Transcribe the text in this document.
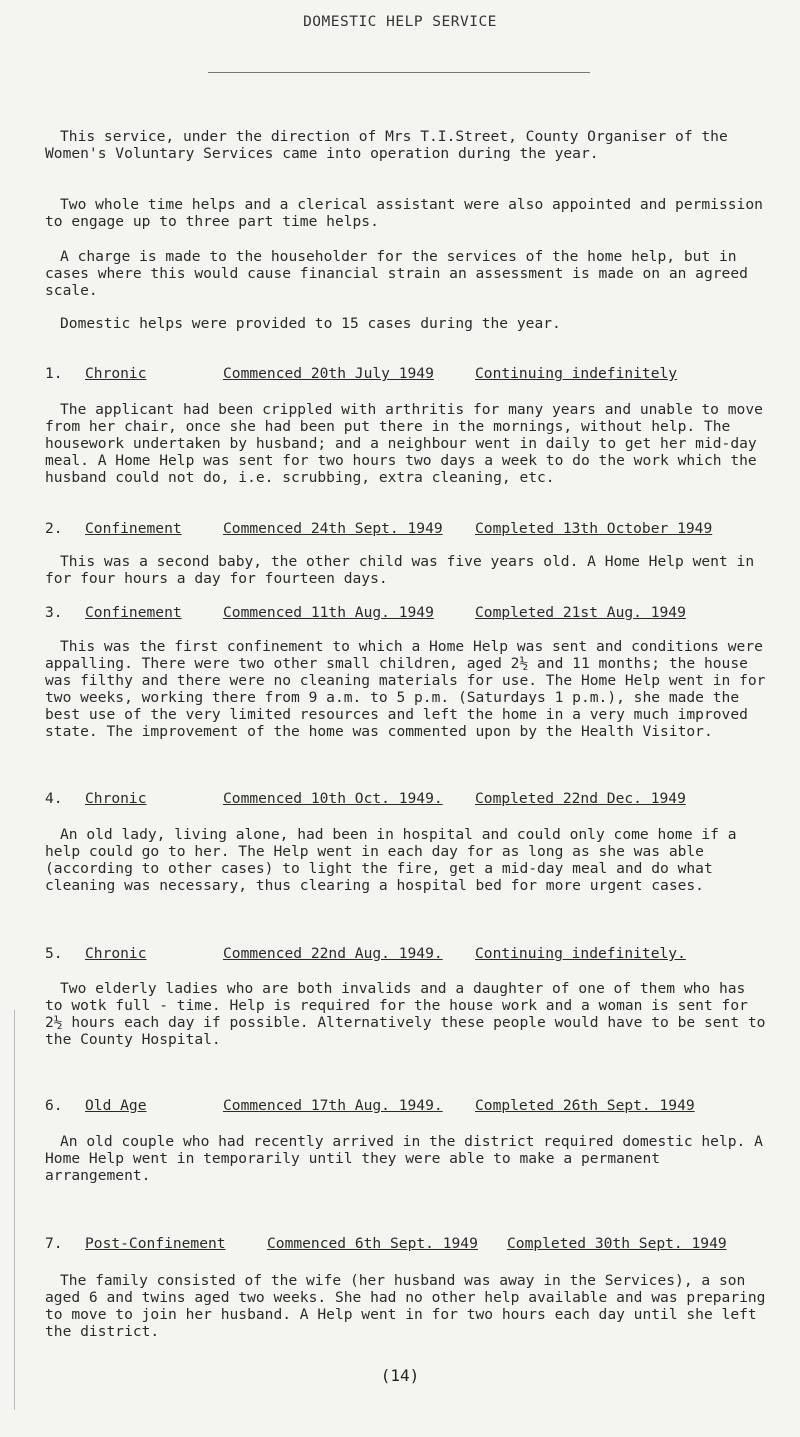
DOMESTIC HELP SERVICE

This service, under the direction of Mrs T.I.Street, County Organiser of the Women's Voluntary Services came into operation during the year.

Two whole time helps and a clerical assistant were also appointed and permission to engage up to three part time helps.

A charge is made to the householder for the services of the home help, but in cases where this would cause financial strain an assessment is made on an agreed scale.

Domestic helps were provided to 15 cases during the year.

1. Chronic	Commenced 20th July 1949	Continuing indefinitely

The applicant had been crippled with arthritis for many years and unable to move from her chair, once she had been put there in the mornings, without help. The housework undertaken by husband; and a neighbour went in daily to get her mid-day meal. A Home Help was sent for two hours two days a week to do the work which the husband could not do, i.e. scrubbing, extra cleaning, etc.

2. Confinement	Commenced 24th Sept. 1949 Completed 13th October 1949

This was a second baby, the other child was five years old. A Home Help went in for four hours a day for fourteen days.

3. Confinement	Commenced 11th Aug. 1949	Completed 21st Aug. 1949

This was the first confinement to which a Home Help was sent and conditions were appalling. There were two other small children, aged 2½ and 11 months; the house was filthy and there were no cleaning materials for use. The Home Help went in for two weeks, working there from 9 a.m. to 5 p.m. (Saturdays 1 p.m.), she made the best use of the very limited resources and left the home in a very much improved state. The improvement of the home was commented upon by the Health Visitor.

4. Chronic	Commenced 10th Oct. 1949. Completed 22nd Dec. 1949

An old lady, living alone, had been in hospital and could only come home if a help could go to her. The Help went in each day for as long as she was able (according to other cases) to light the fire, get a mid-day meal and do what cleaning was necessary, thus clearing a hospital bed for more urgent cases.

5. Chronic	Commenced 22nd Aug. 1949. Continuing indefinitely.

Two elderly ladies who are both invalids and a daughter of one of them who has to wotk full - time. Help is required for the house work and a woman is sent for 2½ hours each day if possible. Alternatively these people would have to be sent to the County Hospital.

6. Old Age	Commenced 17th Aug. 1949. Completed 26th Sept. 1949

An old couple who had recently arrived in the district required domestic help. A Home Help went in temporarily until they were able to make a permanent arrangement.

7. Post-Confinement	Commenced 6th Sept. 1949 Completed 30th Sept. 1949

The family consisted of the wife (her husband was away in the Services), a son aged 6 and twins aged two weeks. She had no other help available and was preparing to move to join her husband. A Help went in for two hours each day until she left the district.

(14)
